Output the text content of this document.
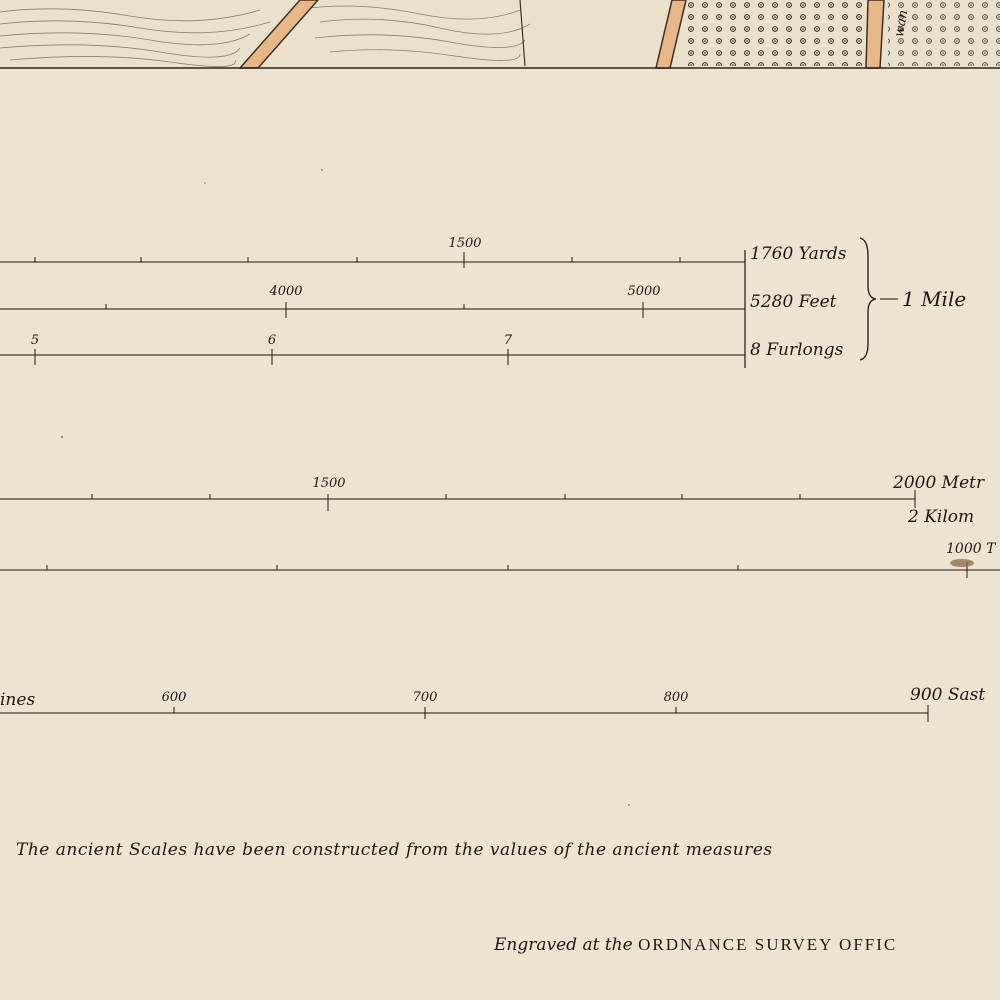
wan
1500
1760 Yards
4000	5000
5280 Feet
5	6	7	8 Furlongs
1 Mile
1500	2000 Metr
2 Kilom
1000 T
ines	600	700	800	900 Sast
The ancient Scales have been constructed from the values of the ancient measures
Engraved at the ORDNANCE SURVEY OFFIC
